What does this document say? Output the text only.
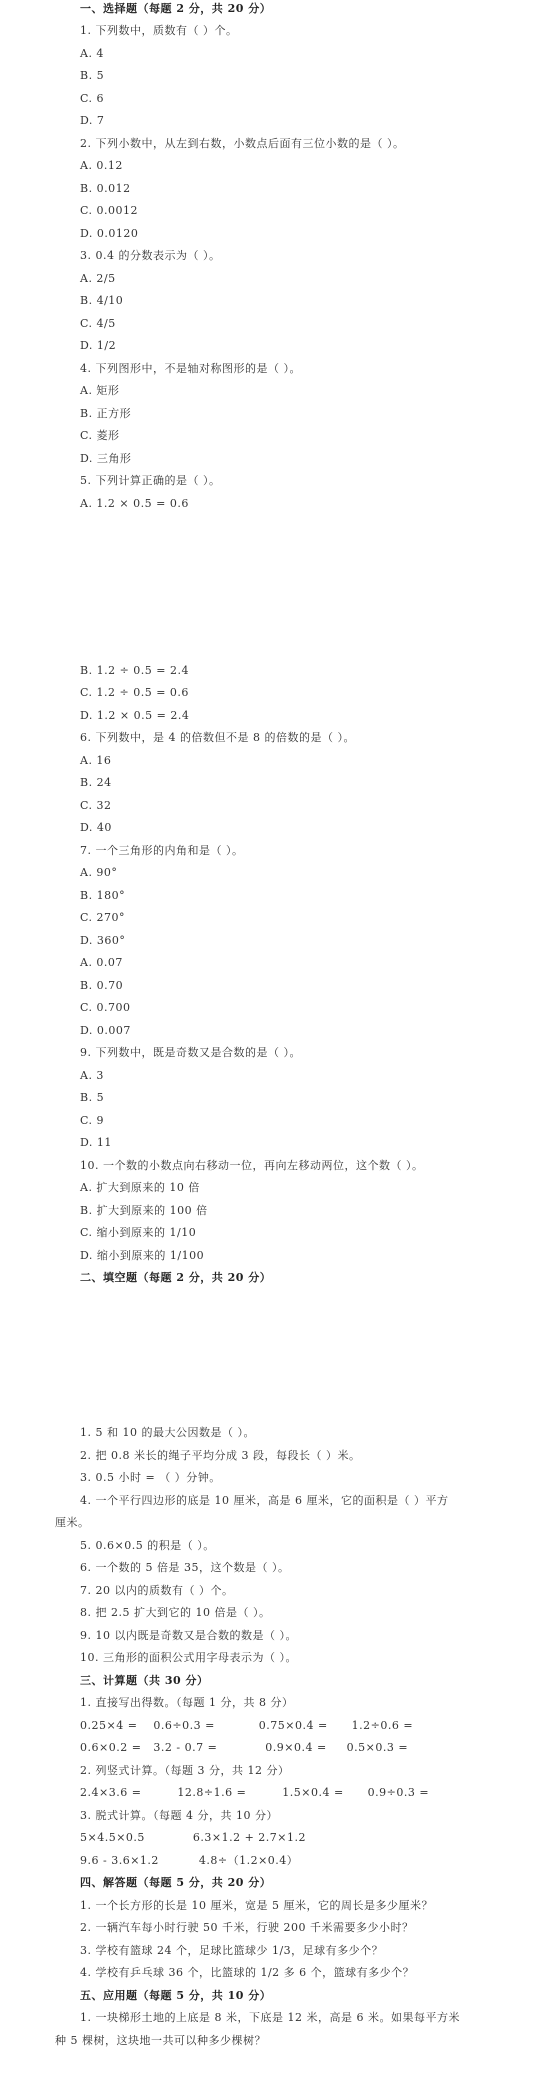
一、选择题（每题 2 分，共 20 分）
1. 下列数中，质数有（ ）个。
A. 4
B. 5
C. 6
D. 7
2. 下列小数中，从左到右数，小数点后面有三位小数的是（ ）。
A. 0.12
B. 0.012
C. 0.0012
D. 0.0120
3. 0.4 的分数表示为（ ）。
A. 2/5
B. 4/10
C. 4/5
D. 1/2
4. 下列图形中，不是轴对称图形的是（ ）。
A. 矩形
B. 正方形
C. 菱形
D. 三角形
5. 下列计算正确的是（ ）。
A. 1.2 × 0.5 = 0.6
B. 1.2 ÷ 0.5 = 2.4
C. 1.2 ÷ 0.5 = 0.6
D. 1.2 × 0.5 = 2.4
6. 下列数中，是 4 的倍数但不是 8 的倍数的是（ ）。
A. 16
B. 24
C. 32
D. 40
7. 一个三角形的内角和是（ ）。
A. 90°
B. 180°
C. 270°
D. 360°
A. 0.07
B. 0.70
C. 0.700
D. 0.007
9. 下列数中，既是奇数又是合数的是（ ）。
A. 3
B. 5
C. 9
D. 11
10. 一个数的小数点向右移动一位，再向左移动两位，这个数（ ）。
A. 扩大到原来的 10 倍
B. 扩大到原来的 100 倍
C. 缩小到原来的 1/10
D. 缩小到原来的 1/100
二、填空题（每题 2 分，共 20 分）
1. 5 和 10 的最大公因数是（ ）。
2. 把 0.8 米长的绳子平均分成 3 段，每段长（ ）米。
3. 0.5 小时 = （ ）分钟。
4. 一个平行四边形的底是 10 厘米，高是 6 厘米，它的面积是（ ）平方
厘米。
5. 0.6×0.5 的积是（ ）。
6. 一个数的 5 倍是 35，这个数是（ ）。
7. 20 以内的质数有（ ）个。
8. 把 2.5 扩大到它的 10 倍是（ ）。
9. 10 以内既是奇数又是合数的数是（ ）。
10. 三角形的面积公式用字母表示为（ ）。
三、计算题（共 30 分）
1. 直接写出得数。（每题 1 分，共 8 分）
0.25×4 =    0.6÷0.3 =           0.75×0.4 =      1.2÷0.6 =
0.6×0.2 =   3.2 - 0.7 =            0.9×0.4 =     0.5×0.3 =
2. 列竖式计算。（每题 3 分，共 12 分）
2.4×3.6 =         12.8÷1.6 =         1.5×0.4 =      0.9÷0.3 =
3. 脱式计算。（每题 4 分，共 10 分）
5×4.5×0.5            6.3×1.2 + 2.7×1.2
9.6 - 3.6×1.2          4.8÷（1.2×0.4）
四、解答题（每题 5 分，共 20 分）
1. 一个长方形的长是 10 厘米，宽是 5 厘米，它的周长是多少厘米？
2. 一辆汽车每小时行驶 50 千米，行驶 200 千米需要多少小时？
3. 学校有篮球 24 个，足球比篮球少 1/3，足球有多少个？
4. 学校有乒乓球 36 个，比篮球的 1/2 多 6 个，篮球有多少个？
五、应用题（每题 5 分，共 10 分）
1. 一块梯形土地的上底是 8 米，下底是 12 米，高是 6 米。如果每平方米
种 5 棵树，这块地一共可以种多少棵树？
